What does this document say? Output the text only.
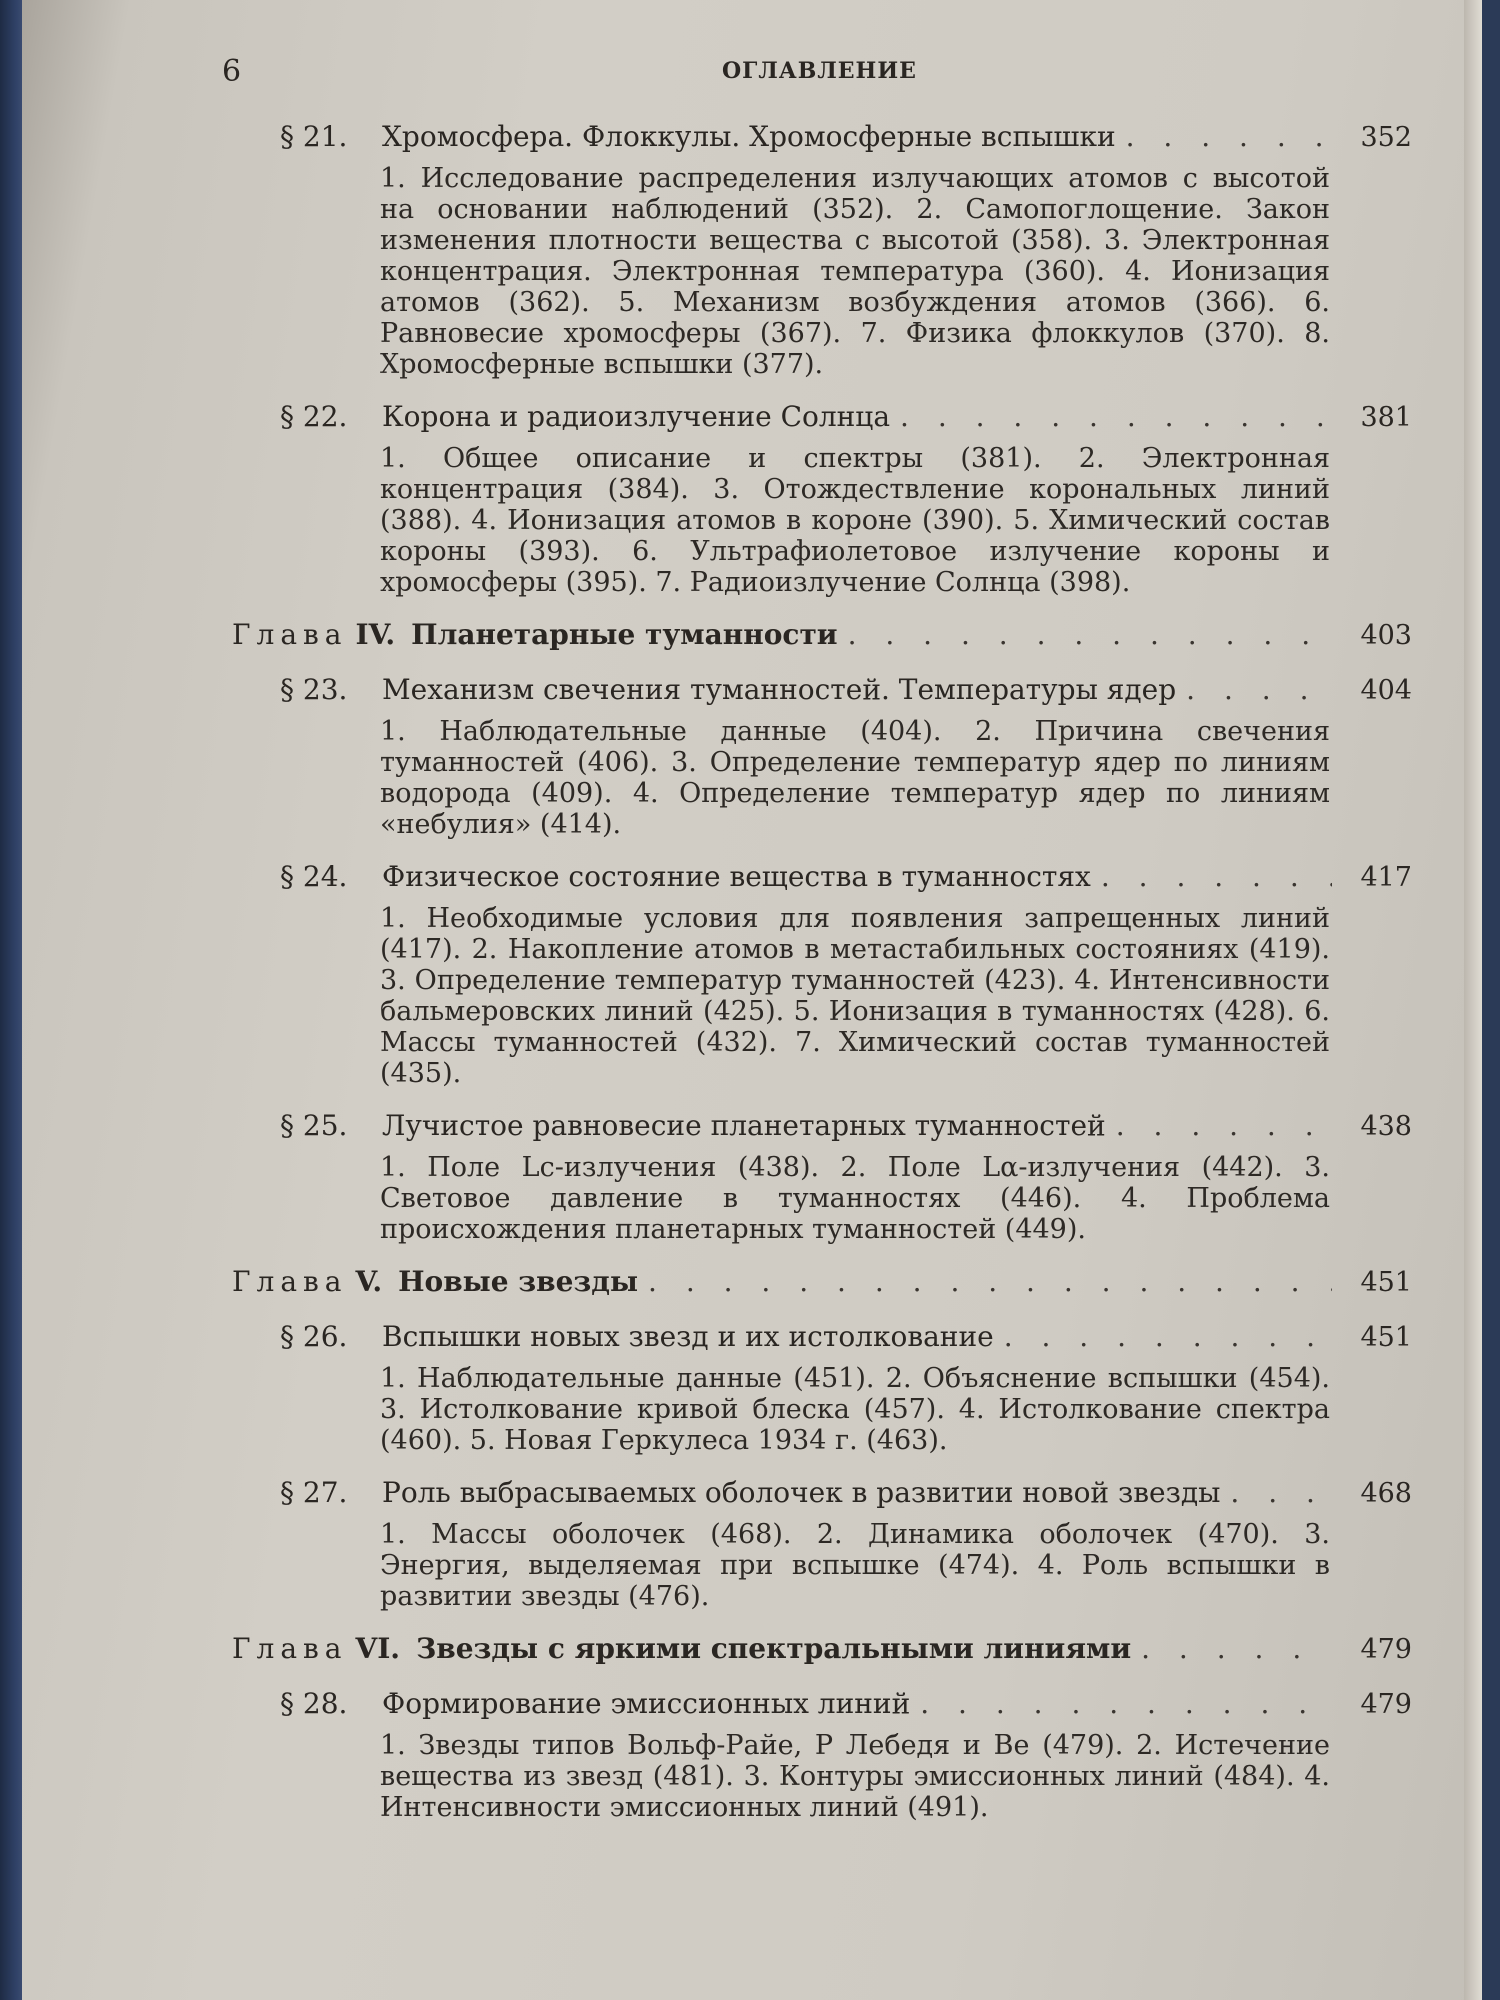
6	ОГЛАВЛЕНИЕ
§ 21.	Хромосфера. Флоккулы. Хромосферные вспышки . . .	352
1. Исследование распределения излучающих атомов с высотой на основании наблюдений (352). 2. Самопоглощение. Закон изменения плотности вещества с высотой (358). 3. Электронная концентрация. Электронная температура (360). 4. Ионизация атомов (362). 5. Механизм возбуждения атомов (366). 6. Равновесие хромосферы (367). 7. Физика флоккулов (370). 8. Хромосферные вспышки (377).
§ 22.	Корона и радиоизлучение Солнца . . .	381
1. Общее описание и спектры (381). 2. Электронная концентрация (384). 3. Отождествление корональных линий (388). 4. Ионизация атомов в короне (390). 5. Химический состав короны (393). 6. Ультрафиолетовое излучение короны и хромосферы (395). 7. Радиоизлучение Солнца (398).
Глава IV. Планетарные туманности . . .	403
§ 23.	Механизм свечения туманностей. Температуры ядер . . .	404
1. Наблюдательные данные (404). 2. Причина свечения туманностей (406). 3. Определение температур ядер по линиям водорода (409). 4. Определение температур ядер по линиям «небулия» (414).
§ 24.	Физическое состояние вещества в туманностях . . .	417
1. Необходимые условия для появления запрещенных линий (417). 2. Накопление атомов в метастабильных состояниях (419). 3. Определение температур туманностей (423). 4. Интенсивности бальмеровских линий (425). 5. Ионизация в туманностях (428). 6. Массы туманностей (432). 7. Химический состав туманностей (435).
§ 25.	Лучистое равновесие планетарных туманностей . . .	438
1. Поле Lc-излучения (438). 2. Поле Lα-излучения (442). 3. Световое давление в туманностях (446). 4. Проблема происхождения планетарных туманностей (449).
Глава V. Новые звезды . . .	451
§ 26.	Вспышки новых звезд и их истолкование . . .	451
1. Наблюдательные данные (451). 2. Объяснение вспышки (454). 3. Истолкование кривой блеска (457). 4. Истолкование спектра (460). 5. Новая Геркулеса 1934 г. (463).
§ 27.	Роль выбрасываемых оболочек в развитии новой звезды . . .	468
1. Массы оболочек (468). 2. Динамика оболочек (470). 3. Энергия, выделяемая при вспышке (474). 4. Роль вспышки в развитии звезды (476).
Глава VI. Звезды с яркими спектральными линиями . . .	479
§ 28.	Формирование эмиссионных линий . . .	479
1. Звезды типов Вольф-Райе, Р Лебедя и Ве (479). 2. Истечение вещества из звезд (481). 3. Контуры эмиссионных линий (484). 4. Интенсивности эмиссионных линий (491).
